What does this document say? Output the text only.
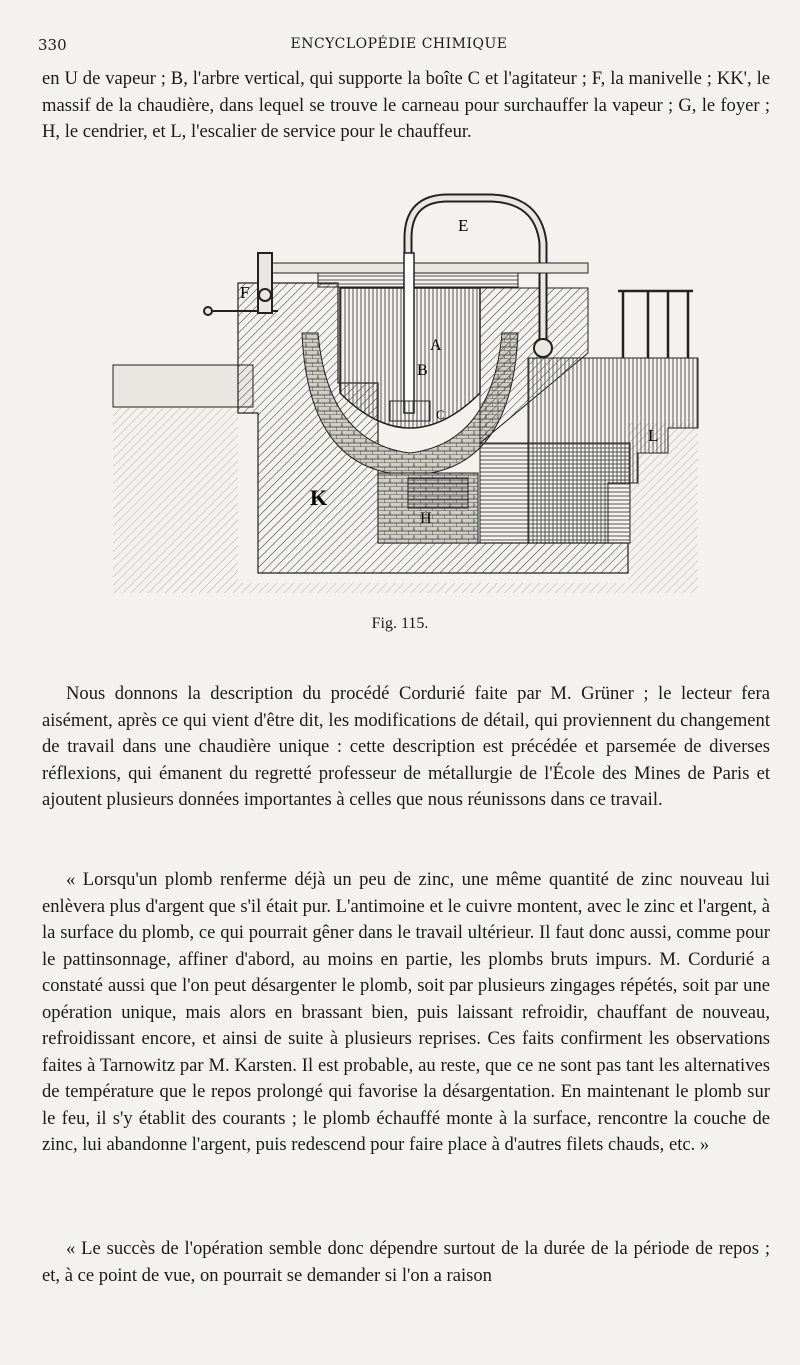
330	ENCYCLOPÉDIE CHIMIQUE

en U de vapeur ; B, l'arbre vertical, qui supporte la boîte C et l'agitateur ; F, la manivelle ; KK', le massif de la chaudière, dans lequel se trouve le carneau pour surchauffer la vapeur ; G, le foyer ; H, le cendrier, et L, l'escalier de service pour le chauffeur.

E
F
A
B
C
K
H
L
Fig. 115.

Nous donnons la description du procédé Cordurié faite par M. Grüner ; le lecteur fera aisément, après ce qui vient d'être dit, les modifications de détail, qui proviennent du changement de travail dans une chaudière unique : cette description est précédée et parsemée de diverses réflexions, qui émanent du regretté professeur de métallurgie de l'École des Mines de Paris et ajoutent plusieurs données importantes à celles que nous réunissons dans ce travail.

« Lorsqu'un plomb renferme déjà un peu de zinc, une même quantité de zinc nouveau lui enlèvera plus d'argent que s'il était pur. L'antimoine et le cuivre montent, avec le zinc et l'argent, à la surface du plomb, ce qui pourrait gêner dans le travail ultérieur. Il faut donc aussi, comme pour le pattinsonnage, affiner d'abord, au moins en partie, les plombs bruts impurs. M. Cordurié a constaté aussi que l'on peut désargenter le plomb, soit par plusieurs zingages répétés, soit par une opération unique, mais alors en brassant bien, puis laissant refroidir, chauffant de nouveau, refroidissant encore, et ainsi de suite à plusieurs reprises. Ces faits confirment les observations faites à Tarnowitz par M. Karsten. Il est probable, au reste, que ce ne sont pas tant les alternatives de température que le repos prolongé qui favorise la désargentation. En maintenant le plomb sur le feu, il s'y établit des courants ; le plomb échauffé monte à la surface, rencontre la couche de zinc, lui abandonne l'argent, puis redescend pour faire place à d'autres filets chauds, etc. »

« Le succès de l'opération semble donc dépendre surtout de la durée de la période de repos ; et, à ce point de vue, on pourrait se demander si l'on a raison
